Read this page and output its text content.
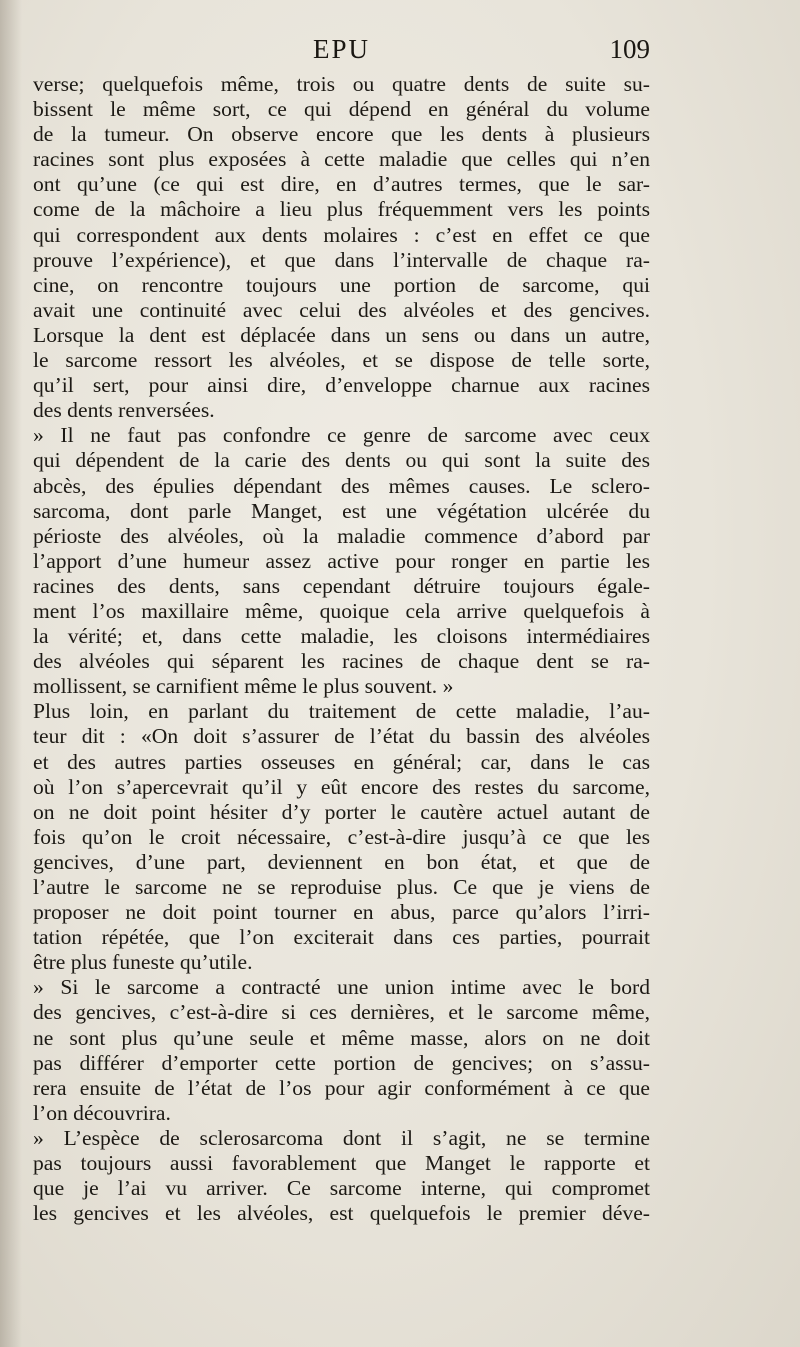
EPU	109
verse; quelquefois même, trois ou quatre dents de suite su-
bissent le même sort, ce qui dépend en général du volume
de la tumeur. On observe encore que les dents à plusieurs
racines sont plus exposées à cette maladie que celles qui n’en
ont qu’une (ce qui est dire, en d’autres termes, que le sar-
come de la mâchoire a lieu plus fréquemment vers les points
qui correspondent aux dents molaires : c’est en effet ce que
prouve l’expérience), et que dans l’intervalle de chaque ra-
cine, on rencontre toujours une portion de sarcome, qui
avait une continuité avec celui des alvéoles et des gencives.
Lorsque la dent est déplacée dans un sens ou dans un autre,
le sarcome ressort les alvéoles, et se dispose de telle sorte,
qu’il sert, pour ainsi dire, d’enveloppe charnue aux racines
des dents renversées.
» Il ne faut pas confondre ce genre de sarcome avec ceux
qui dépendent de la carie des dents ou qui sont la suite des
abcès, des épulies dépendant des mêmes causes. Le sclero-
sarcoma, dont parle Manget, est une végétation ulcérée du
périoste des alvéoles, où la maladie commence d’abord par
l’apport d’une humeur assez active pour ronger en partie les
racines des dents, sans cependant détruire toujours égale-
ment l’os maxillaire même, quoique cela arrive quelquefois à
la vérité; et, dans cette maladie, les cloisons intermédiaires
des alvéoles qui séparent les racines de chaque dent se ra-
mollissent, se carnifient même le plus souvent. »
Plus loin, en parlant du traitement de cette maladie, l’au-
teur dit : «On doit s’assurer de l’état du bassin des alvéoles
et des autres parties osseuses en général; car, dans le cas
où l’on s’apercevrait qu’il y eût encore des restes du sarcome,
on ne doit point hésiter d’y porter le cautère actuel autant de
fois qu’on le croit nécessaire, c’est-à-dire jusqu’à ce que les
gencives, d’une part, deviennent en bon état, et que de
l’autre le sarcome ne se reproduise plus. Ce que je viens de
proposer ne doit point tourner en abus, parce qu’alors l’irri-
tation répétée, que l’on exciterait dans ces parties, pourrait
être plus funeste qu’utile.
» Si le sarcome a contracté une union intime avec le bord
des gencives, c’est-à-dire si ces dernières, et le sarcome même,
ne sont plus qu’une seule et même masse, alors on ne doit
pas différer d’emporter cette portion de gencives; on s’assu-
rera ensuite de l’état de l’os pour agir conformément à ce que
l’on découvrira.
» L’espèce de sclerosarcoma dont il s’agit, ne se termine
pas toujours aussi favorablement que Manget le rapporte et
que je l’ai vu arriver. Ce sarcome interne, qui compromet
les gencives et les alvéoles, est quelquefois le premier déve-
